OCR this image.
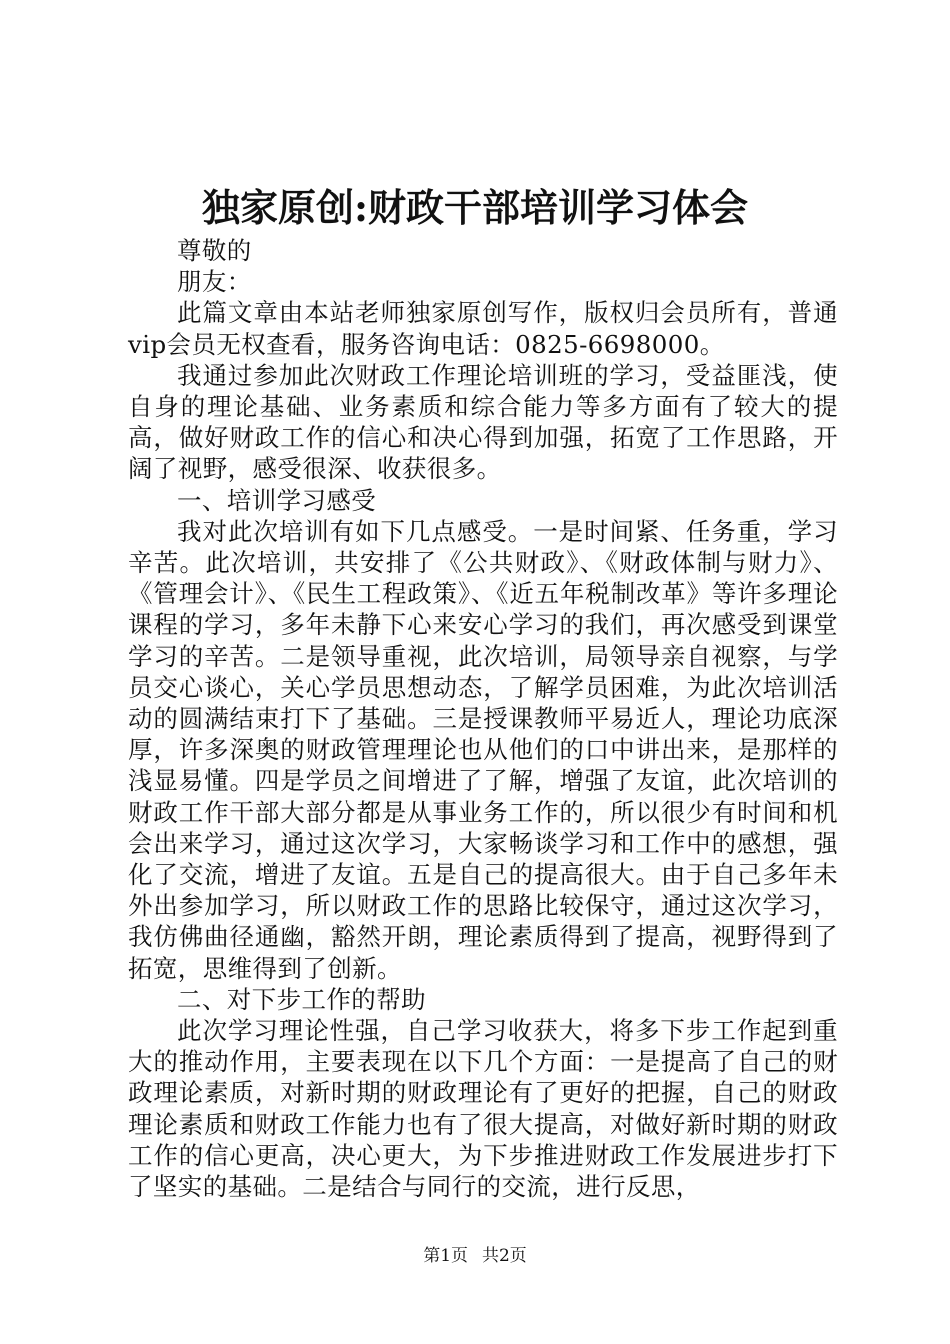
独家原创:财政干部培训学习体会

尊敬的

朋友：

此篇文章由本站老师独家原创写作，版权归会员所有，普通vip会员无权查看，服务咨询电话：0825-6698000。

我通过参加此次财政工作理论培训班的学习，受益匪浅，使自身的理论基础、业务素质和综合能力等多方面有了较大的提高，做好财政工作的信心和决心得到加强，拓宽了工作思路，开阔了视野，感受很深、收获很多。

一、培训学习感受

我对此次培训有如下几点感受。一是时间紧、任务重，学习辛苦。此次培训，共安排了《公共财政》、《财政体制与财力》、《管理会计》、《民生工程政策》、《近五年税制改革》等许多理论课程的学习，多年未静下心来安心学习的我们，再次感受到课堂学习的辛苦。二是领导重视，此次培训，局领导亲自视察，与学员交心谈心，关心学员思想动态，了解学员困难，为此次培训活动的圆满结束打下了基础。三是授课教师平易近人，理论功底深厚，许多深奥的财政管理理论也从他们的口中讲出来，是那样的浅显易懂。四是学员之间增进了了解，增强了友谊，此次培训的财政工作干部大部分都是从事业务工作的，所以很少有时间和机会出来学习，通过这次学习，大家畅谈学习和工作中的感想，强化了交流，增进了友谊。五是自己的提高很大。由于自己多年未外出参加学习，所以财政工作的思路比较保守，通过这次学习，我仿佛曲径通幽，豁然开朗，理论素质得到了提高，视野得到了拓宽，思维得到了创新。

二、对下步工作的帮助

此次学习理论性强，自己学习收获大，将多下步工作起到重大的推动作用，主要表现在以下几个方面：一是提高了自己的财政理论素质，对新时期的财政理论有了更好的把握，自己的财政理论素质和财政工作能力也有了很大提高，对做好新时期的财政工作的信心更高，决心更大，为下步推进财政工作发展进步打下了坚实的基础。二是结合与同行的交流，进行反思，

第1页 共2页
